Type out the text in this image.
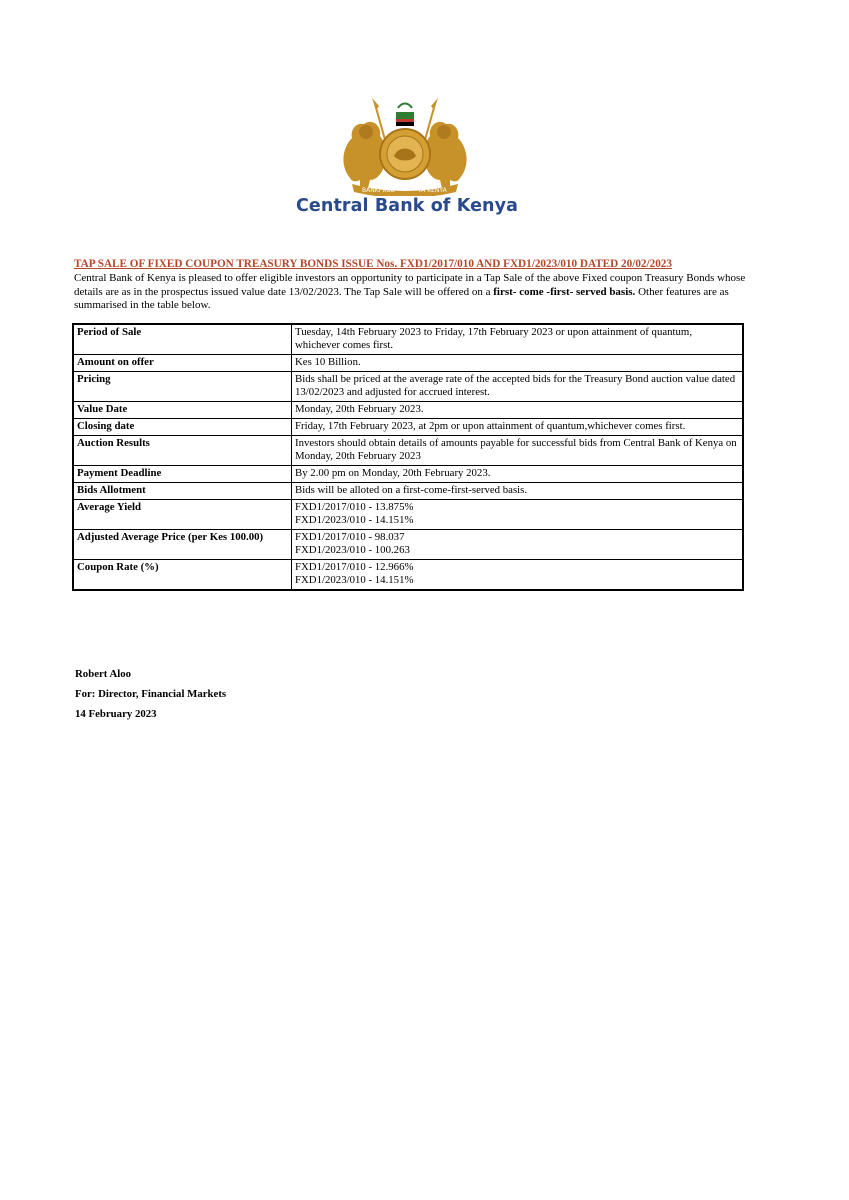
BANKI KUU	YA KENYA
Central Bank of Kenya
TAP SALE OF FIXED COUPON TREASURY BONDS ISSUE Nos. FXD1/2017/010 AND FXD1/2023/010 DATED 20/02/2023
Central Bank of Kenya is pleased to offer eligible investors an opportunity to participate in a Tap Sale of the above Fixed coupon Treasury Bonds whose details are as in the prospectus issued value date 13/02/2023. The Tap Sale will be offered on a first- come -first- served basis. Other features are as summarised in the table below.
Period of Sale	Tuesday, 14th February 2023 to Friday, 17th February 2023 or upon attainment of quantum, whichever comes first.

Amount on offer	Kes 10 Billion.

Pricing	Bids shall be priced at the average rate of the accepted bids for the Treasury Bond auction value dated 13/02/2023 and adjusted for accrued interest.

Value Date	Monday, 20th February 2023.

Closing date	Friday, 17th February 2023, at 2pm or upon attainment of quantum,whichever comes first.

Auction Results	Investors should obtain details of amounts payable for successful bids from Central Bank of Kenya on Monday, 20th February 2023

Payment Deadline	By 2.00 pm on Monday, 20th February 2023.

Bids Allotment	Bids will be alloted on a first-come-first-served basis.

Average Yield	FXD1/2017/010 - 13.875%
FXD1/2023/010 - 14.151%

Adjusted Average Price (per Kes 100.00)	FXD1/2017/010 - 98.037
FXD1/2023/010 - 100.263

Coupon Rate (%)	FXD1/2017/010 - 12.966%
FXD1/2023/010 - 14.151%
Robert Aloo
For: Director, Financial Markets
14 February 2023
